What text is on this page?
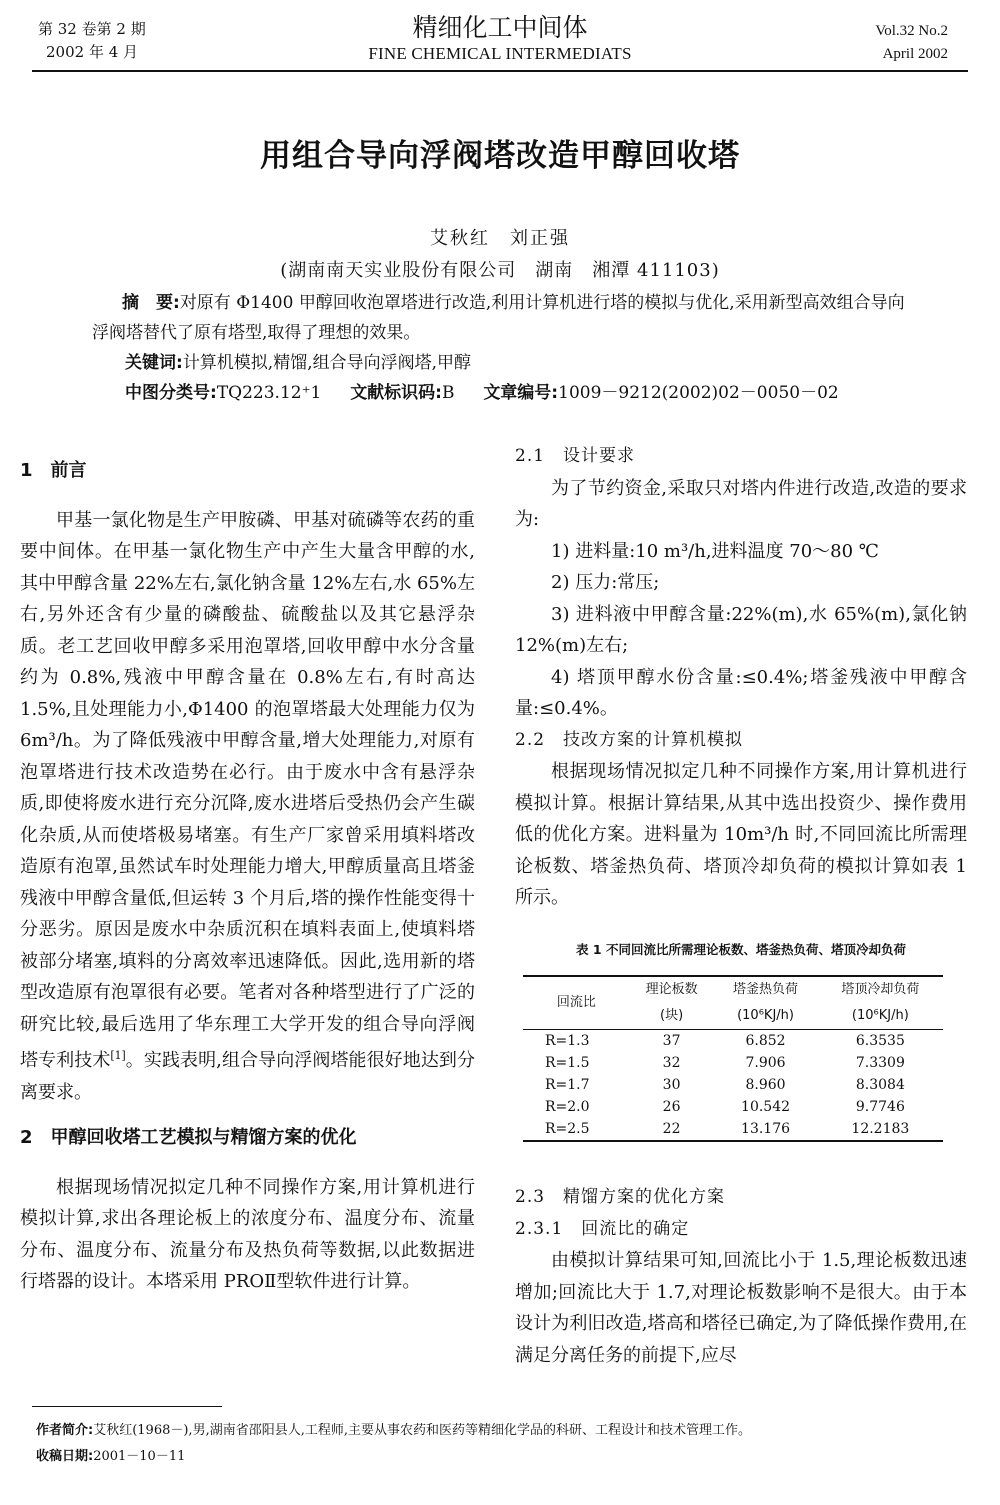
第 32 卷第 2 期
2002 年 4 月
精细化工中间体
FINE CHEMICAL INTERMEDIATS
Vol.32 No.2
April 2002
用组合导向浮阀塔改造甲醇回收塔
艾秋红　刘正强
(湖南南天实业股份有限公司　湖南　湘潭 411103)
摘　要:对原有 Φ1400 甲醇回收泡罩塔进行改造,利用计算机进行塔的模拟与优化,采用新型高效组合导向浮阀塔替代了原有塔型,取得了理想的效果。
关键词:计算机模拟,精馏,组合导向浮阀塔,甲醇
中图分类号:TQ223.12⁺1 文献标识码:B 文章编号:1009－9212(2002)02－0050－02
1　前言

甲基一氯化物是生产甲胺磷、甲基对硫磷等农药的重要中间体。在甲基一氯化物生产中产生大量含甲醇的水,其中甲醇含量 22%左右,氯化钠含量 12%左右,水 65%左右,另外还含有少量的磷酸盐、硫酸盐以及其它悬浮杂质。老工艺回收甲醇多采用泡罩塔,回收甲醇中水分含量约为 0.8%,残液中甲醇含量在 0.8%左右,有时高达 1.5%,且处理能力小,Φ1400 的泡罩塔最大处理能力仅为 6m³/h。为了降低残液中甲醇含量,增大处理能力,对原有泡罩塔进行技术改造势在必行。由于废水中含有悬浮杂质,即使将废水进行充分沉降,废水进塔后受热仍会产生碳化杂质,从而使塔极易堵塞。有生产厂家曾采用填料塔改造原有泡罩,虽然试车时处理能力增大,甲醇质量高且塔釜残液中甲醇含量低,但运转 3 个月后,塔的操作性能变得十分恶劣。原因是废水中杂质沉积在填料表面上,使填料塔被部分堵塞,填料的分离效率迅速降低。因此,选用新的塔型改造原有泡罩很有必要。笔者对各种塔型进行了广泛的研究比较,最后选用了华东理工大学开发的组合导向浮阀塔专利技术[1]。实践表明,组合导向浮阀塔能很好地达到分离要求。

2　甲醇回收塔工艺模拟与精馏方案的优化

根据现场情况拟定几种不同操作方案,用计算机进行模拟计算,求出各理论板上的浓度分布、温度分布、流量分布、温度分布、流量分布及热负荷等数据,以此数据进行塔器的设计。本塔采用 PROⅡ型软件进行计算。

2.1　设计要求

为了节约资金,采取只对塔内件进行改造,改造的要求为:

1) 进料量:10 m³/h,进料温度 70～80 ℃
2) 压力:常压;

3) 进料液中甲醇含量:22%(m),水 65%(m),氯化钠 12%(m)左右;

4) 塔顶甲醇水份含量:≤0.4%;塔釜残液中甲醇含量:≤0.4%。

2.2　技改方案的计算机模拟

根据现场情况拟定几种不同操作方案,用计算机进行模拟计算。根据计算结果,从其中选出投资少、操作费用低的优化方案。进料量为 10m³/h 时,不同回流比所需理论板数、塔釜热负荷、塔顶冷却负荷的模拟计算如表 1 所示。

表 1 不同回流比所需理论板数、塔釜热负荷、塔顶冷却负荷
回流比	理论板数	塔釜热负荷	塔顶冷却负荷
	(块)	(10⁶KJ/h)	(10⁶KJ/h)
R=1.3	37	6.852	6.3535
R=1.5	32	7.906	7.3309
R=1.7	30	8.960	8.3084
R=2.0	26	10.542	9.7746
R=2.5	22	13.176	12.2183
2.3　精馏方案的优化方案
2.3.1　回流比的确定

由模拟计算结果可知,回流比小于 1.5,理论板数迅速增加;回流比大于 1.7,对理论板数影响不是很大。由于本设计为利旧改造,塔高和塔径已确定,为了降低操作费用,在满足分离任务的前提下,应尽

作者简介:艾秋红(1968－),男,湖南省邵阳县人,工程师,主要从事农药和医药等精细化学品的科研、工程设计和技术管理工作。
收稿日期:2001－10－11
